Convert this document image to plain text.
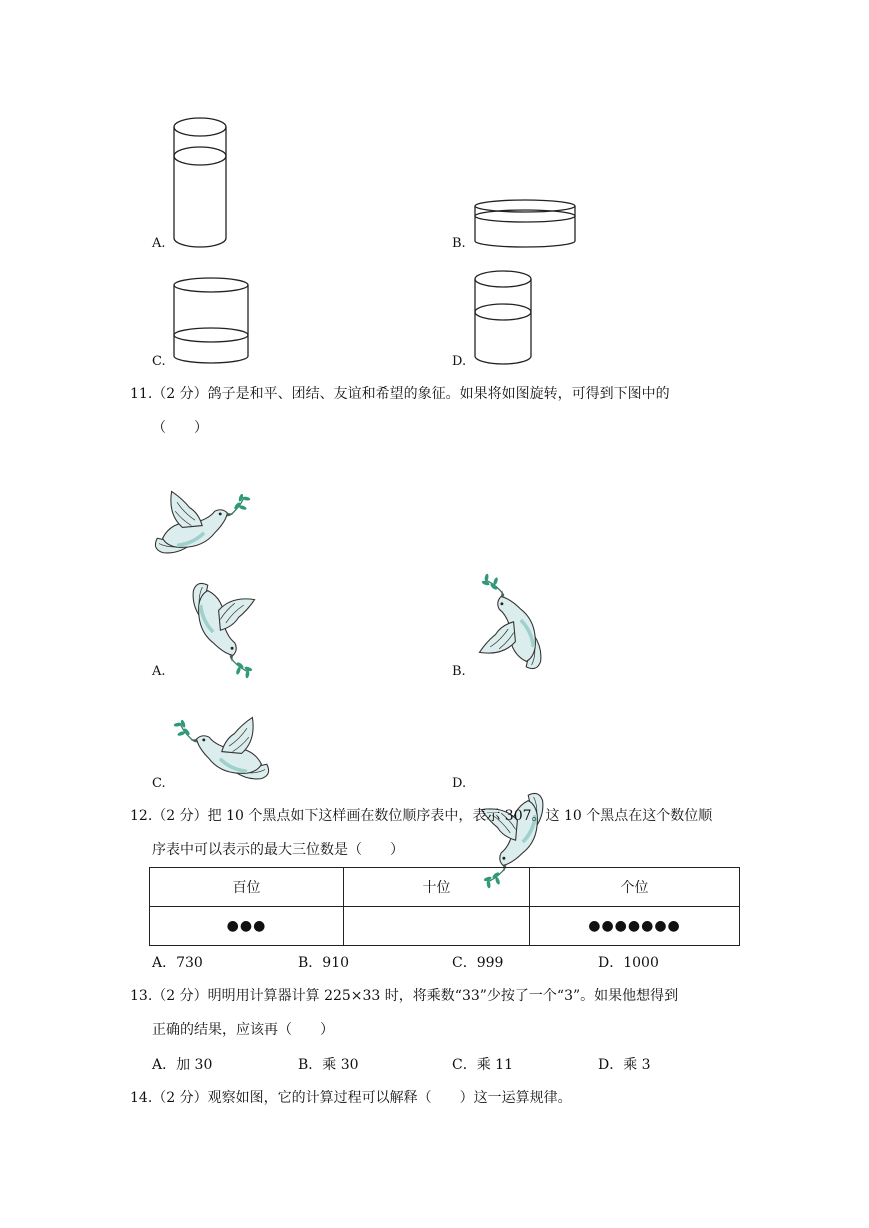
A.	B.
C.	D.
11.（2 分）鸽子是和平、团结、友谊和希望的象征。如果将如图旋转，可得到下图中的
（　　）
A.	B.
C.	D.
12.（2 分）把 10 个黑点如下这样画在数位顺序表中，表示 307。这 10 个黑点在这个数位顺
序表中可以表示的最大三位数是（　　）
百位	十位	个位
●●●		●●●●●●●
A．730	B．910	C．999	D．1000
13.（2 分）明明用计算器计算 225×33 时，将乘数“33”少按了一个“3”。如果他想得到
正确的结果，应该再（　　）
A．加 30	B．乘 30	C．乘 11	D．乘 3
14.（2 分）观察如图，它的计算过程可以解释（　　）这一运算规律。
